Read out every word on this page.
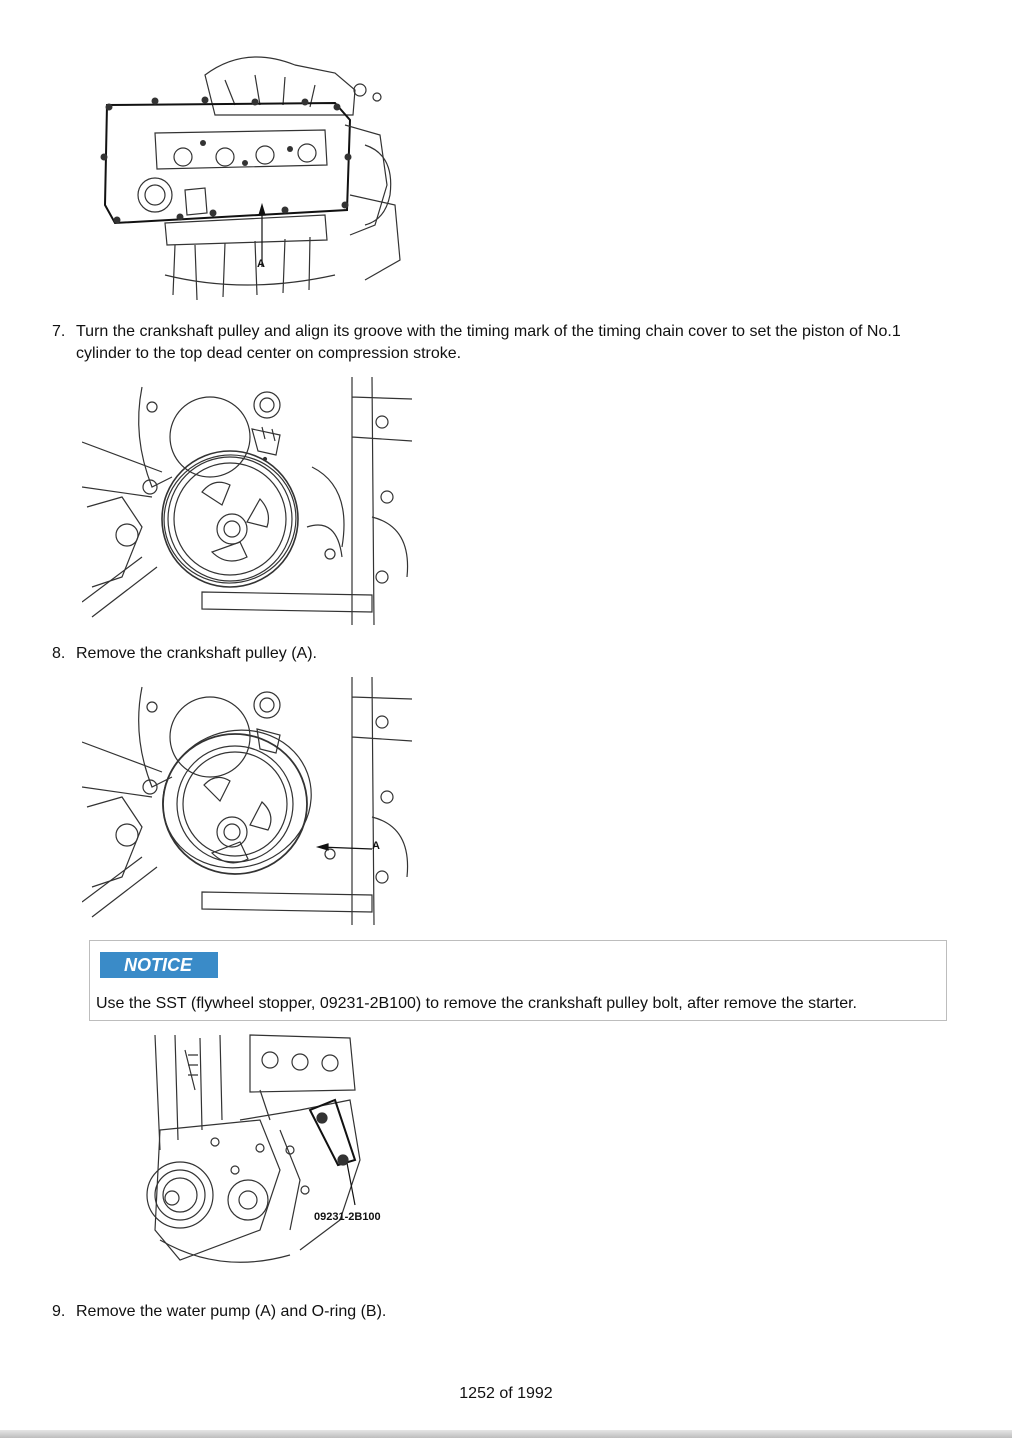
A
7. Turn the crankshaft pulley and align its groove with the timing mark of the timing chain cover to set the piston of No.1 cylinder to the top dead center on compression stroke.
8. Remove the crankshaft pulley (A).
A
NOTICE
Use the SST (flywheel stopper, 09231-2B100) to remove the crankshaft pulley bolt, after remove the starter.
09231-2B100
9. Remove the water pump (A) and O-ring (B).
1252 of 1992
